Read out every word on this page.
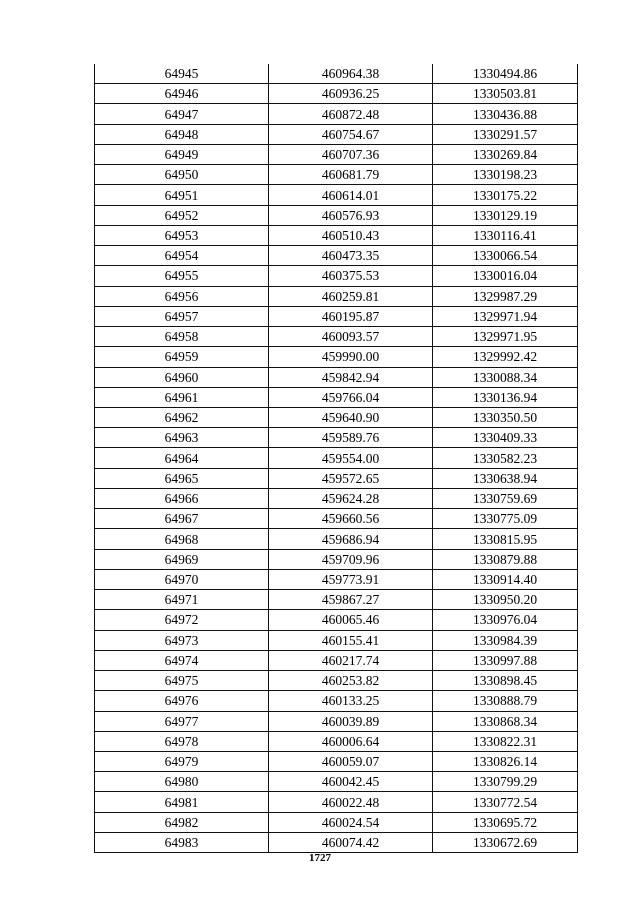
64945	460964.38	1330494.86
64946	460936.25	1330503.81
64947	460872.48	1330436.88
64948	460754.67	1330291.57
64949	460707.36	1330269.84
64950	460681.79	1330198.23
64951	460614.01	1330175.22
64952	460576.93	1330129.19
64953	460510.43	1330116.41
64954	460473.35	1330066.54
64955	460375.53	1330016.04
64956	460259.81	1329987.29
64957	460195.87	1329971.94
64958	460093.57	1329971.95
64959	459990.00	1329992.42
64960	459842.94	1330088.34
64961	459766.04	1330136.94
64962	459640.90	1330350.50
64963	459589.76	1330409.33
64964	459554.00	1330582.23
64965	459572.65	1330638.94
64966	459624.28	1330759.69
64967	459660.56	1330775.09
64968	459686.94	1330815.95
64969	459709.96	1330879.88
64970	459773.91	1330914.40
64971	459867.27	1330950.20
64972	460065.46	1330976.04
64973	460155.41	1330984.39
64974	460217.74	1330997.88
64975	460253.82	1330898.45
64976	460133.25	1330888.79
64977	460039.89	1330868.34
64978	460006.64	1330822.31
64979	460059.07	1330826.14
64980	460042.45	1330799.29
64981	460022.48	1330772.54
64982	460024.54	1330695.72
64983	460074.42	1330672.69
1727
